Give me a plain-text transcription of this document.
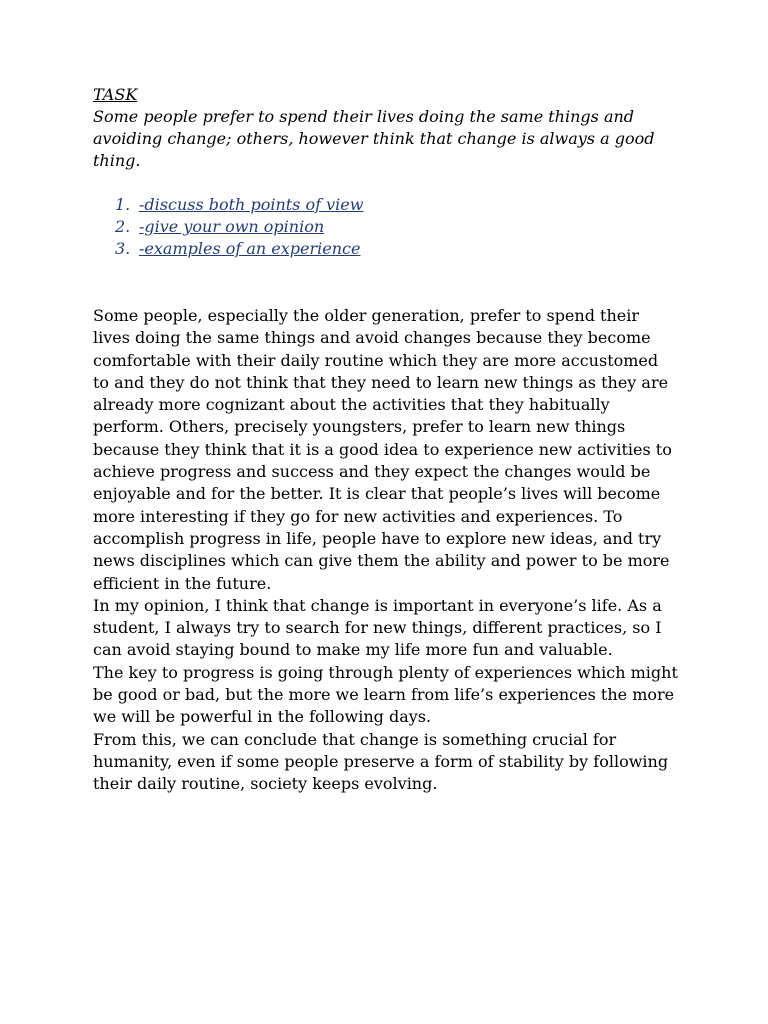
TASK

Some people prefer to spend their lives doing the same things and avoiding change; others, however think that change is always a good thing.

1. -discuss both points of view
2. -give your own opinion
3. -examples of an experience

Some people, especially the older generation, prefer to spend their lives doing the same things and avoid changes because they become comfortable with their daily routine which they are more accustomed to and they do not think that they need to learn new things as they are already more cognizant about the activities that they habitually perform. Others, precisely youngsters, prefer to learn new things because they think that it is a good idea to experience new activities to achieve progress and success and they expect the changes would be enjoyable and for the better. It is clear that people’s lives will become more interesting if they go for new activities and experiences. To accomplish progress in life, people have to explore new ideas, and try news disciplines which can give them the ability and power to be more efficient in the future.

In my opinion, I think that change is important in everyone’s life. As a student, I always try to search for new things, different practices, so I can avoid staying bound to make my life more fun and valuable.

The key to progress is going through plenty of experiences which might be good or bad, but the more we learn from life’s experiences the more we will be powerful in the following days.

From this, we can conclude that change is something crucial for humanity, even if some people preserve a form of stability by following their daily routine, society keeps evolving.
